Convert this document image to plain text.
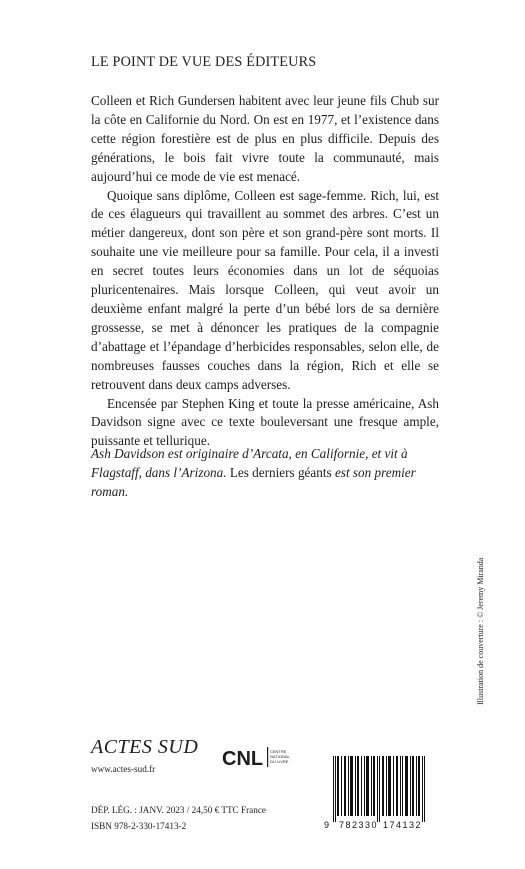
LE POINT DE VUE DES ÉDITEURS

Colleen et Rich Gundersen habitent avec leur jeune fils Chub sur la côte en Californie du Nord. On est en 1977, et l’existence dans cette région forestière est de plus en plus difficile. Depuis des générations, le bois fait vivre toute la communauté, mais aujourd’hui ce mode de vie est menacé.

Quoique sans diplôme, Colleen est sage-femme. Rich, lui, est de ces élagueurs qui travaillent au sommet des arbres. C’est un métier dangereux, dont son père et son grand-père sont morts. Il souhaite une vie meilleure pour sa famille. Pour cela, il a investi en secret toutes leurs économies dans un lot de séquoias pluricentenaires. Mais lorsque Colleen, qui veut avoir un deuxième enfant malgré la perte d’un bébé lors de sa dernière grossesse, se met à dénoncer les pratiques de la compagnie d’abattage et l’épandage d’herbicides responsables, selon elle, de nombreuses fausses couches dans la région, Rich et elle se retrouvent dans deux camps adverses.

Encensée par Stephen King et toute la presse américaine, Ash Davidson signe avec ce texte bouleversant une fresque ample, puissante et tellurique.

Ash Davidson est originaire d’Arcata, en Californie, et vit à Flagstaff, dans l’Arizona. Les derniers géants est son premier roman.

Illustration de couverture : © Jeremy Miranda
ACTES SUD
www.actes-sud.fr
DÉP. LÉG. : JANV. 2023 / 24,50 € TTC France
ISBN 978-2-330-17413-2
CNL CENTRE
NATIONAL
DU LIVRE
9 782330 174132
